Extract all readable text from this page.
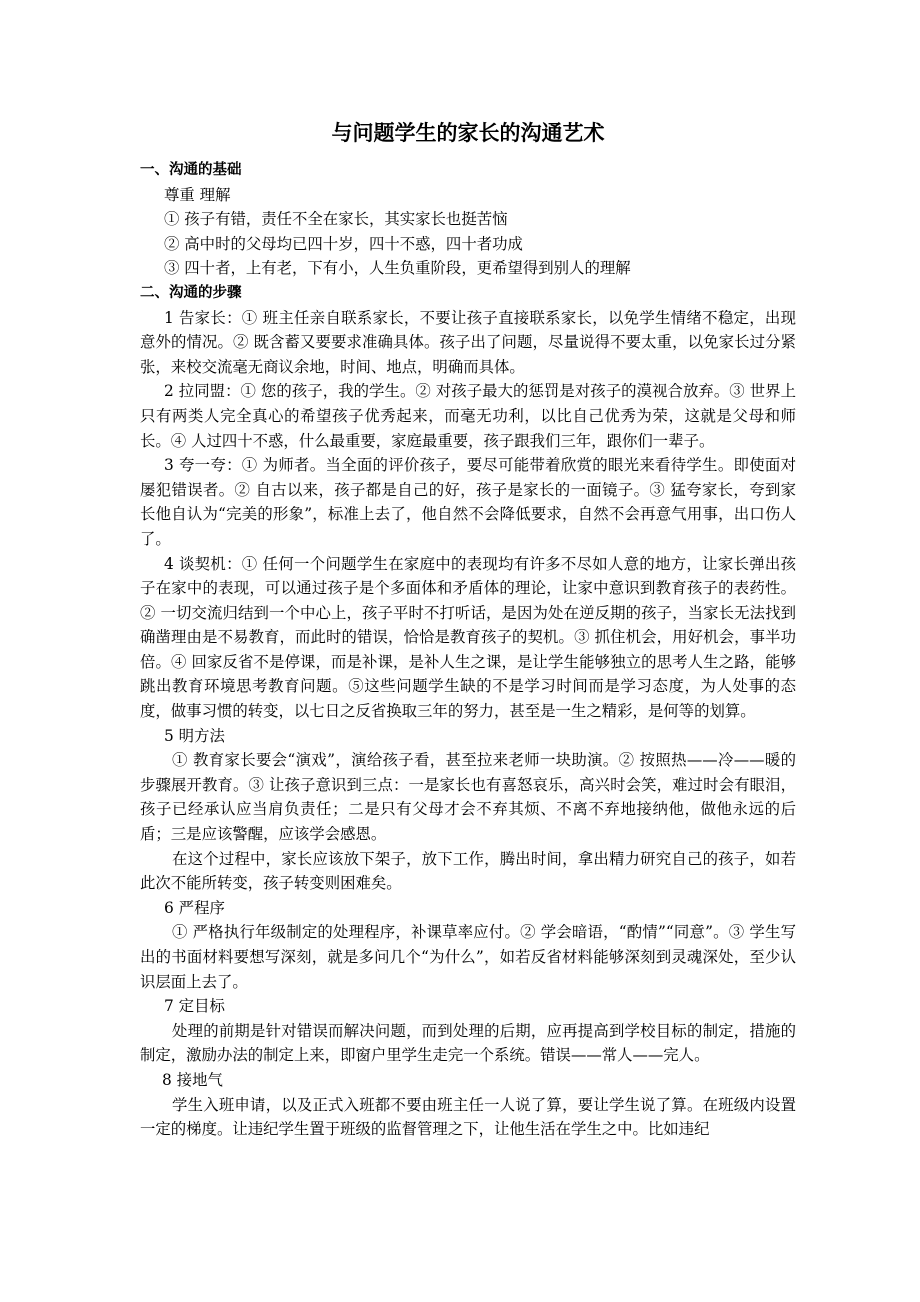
与问题学生的家长的沟通艺术

一、沟通的基础

尊重 理解

① 孩子有错，责任不全在家长，其实家长也挺苦恼

② 高中时的父母均已四十岁，四十不惑，四十者功成

③ 四十者，上有老，下有小，人生负重阶段，更希望得到别人的理解

二、沟通的步骤

1 告家长：① 班主任亲自联系家长，不要让孩子直接联系家长，以免学生情绪不稳定，出现意外的情况。② 既含蓄又要要求准确具体。孩子出了问题，尽量说得不要太重，以免家长过分紧张，来校交流毫无商议余地，时间、地点，明确而具体。

2 拉同盟：① 您的孩子，我的学生。② 对孩子最大的惩罚是对孩子的漠视合放弃。③ 世界上只有两类人完全真心的希望孩子优秀起来，而毫无功利，以比自己优秀为荣，这就是父母和师长。④ 人过四十不惑，什么最重要，家庭最重要，孩子跟我们三年，跟你们一辈子。

3 夸一夸：① 为师者。当全面的评价孩子，要尽可能带着欣赏的眼光来看待学生。即使面对屡犯错误者。② 自古以来，孩子都是自己的好，孩子是家长的一面镜子。③ 猛夸家长，夸到家长他自认为“完美的形象”，标准上去了，他自然不会降低要求，自然不会再意气用事，出口伤人了。

4 谈契机：① 任何一个问题学生在家庭中的表现均有许多不尽如人意的地方，让家长弹出孩子在家中的表现，可以通过孩子是个多面体和矛盾体的理论，让家中意识到教育孩子的表药性。② 一切交流归结到一个中心上，孩子平时不打听话，是因为处在逆反期的孩子，当家长无法找到确凿理由是不易教育，而此时的错误，恰恰是教育孩子的契机。③ 抓住机会，用好机会，事半功倍。④ 回家反省不是停课，而是补课，是补人生之课，是让学生能够独立的思考人生之路，能够跳出教育环境思考教育问题。⑤这些问题学生缺的不是学习时间而是学习态度，为人处事的态度，做事习惯的转变，以七日之反省换取三年的努力，甚至是一生之精彩，是何等的划算。

5 明方法

① 教育家长要会“演戏”，演给孩子看，甚至拉来老师一块助演。② 按照热——冷——暖的步骤展开教育。③ 让孩子意识到三点：一是家长也有喜怒哀乐，高兴时会笑，难过时会有眼泪，孩子已经承认应当肩负责任；二是只有父母才会不弃其烦、不离不弃地接纳他，做他永远的后盾；三是应该警醒，应该学会感恩。

在这个过程中，家长应该放下架子，放下工作，腾出时间，拿出精力研究自己的孩子，如若此次不能所转变，孩子转变则困难矣。

6 严程序

① 严格执行年级制定的处理程序，补课草率应付。② 学会暗语，“酌情”“同意”。③ 学生写出的书面材料要想写深刻，就是多问几个“为什么”，如若反省材料能够深刻到灵魂深处，至少认识层面上去了。

7 定目标

处理的前期是针对错误而解决问题，而到处理的后期，应再提高到学校目标的制定，措施的制定，激励办法的制定上来，即窗户里学生走完一个系统。错误——常人——完人。

8 接地气

学生入班申请，以及正式入班都不要由班主任一人说了算，要让学生说了算。在班级内设置一定的梯度。让违纪学生置于班级的监督管理之下，让他生活在学生之中。比如违纪
